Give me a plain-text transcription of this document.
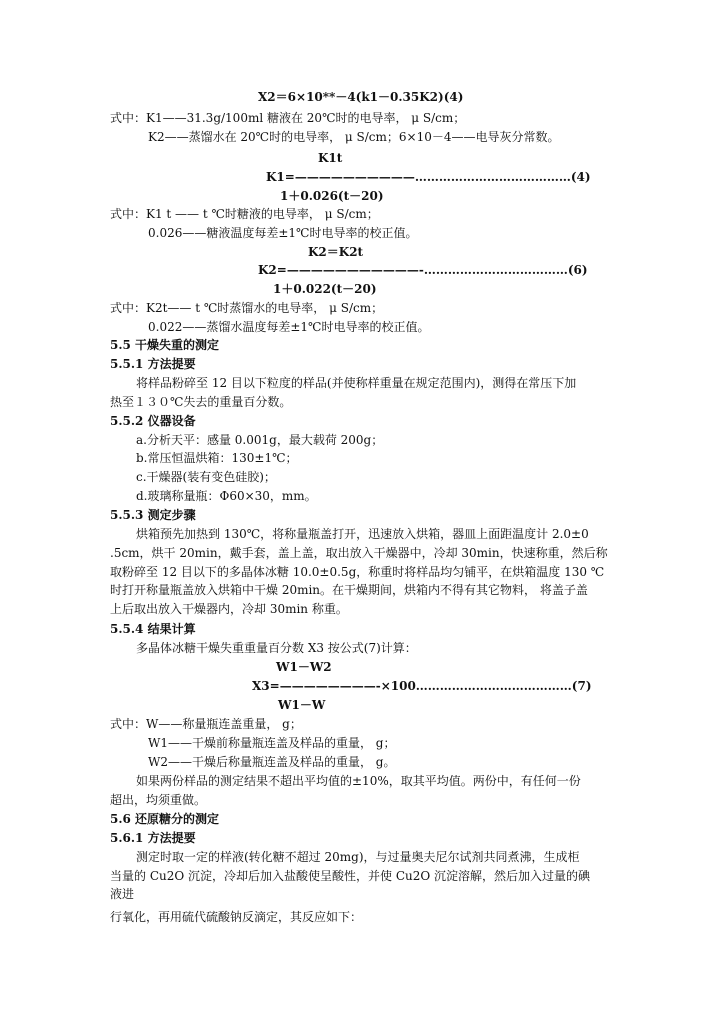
X2＝6×10**－4(k1－0.35K2)(4)
式中：K1——31.3g/100ml 糖液在 20℃时的电导率， μ S/cm；
K2——蒸馏水在 20℃时的电导率， μ S/cm；6×10－4——电导灰分常数。
K1t
K1=——————————…………………………………(4)
1＋0.026(t－20)
式中：K1 t —— t ℃时糖液的电导率， μ S/cm；
0.026——糖液温度每差±1℃时电导率的校正值。
K2＝K2t
K2=———————————-………………………………(6)
1＋0.022(t－20)
式中：K2t—— t ℃时蒸馏水的电导率， μ S/cm；
0.022——蒸馏水温度每差±1℃时电导率的校正值。
5.5 干燥失重的测定
5.5.1 方法提要
将样品粉碎至 12 目以下粒度的样品(并使称样重量在规定范围内)，测得在常压下加
热至１３０℃失去的重量百分数。
5.5.2 仪器设备
a.分析天平：感量 0.001g，最大载荷 200g；
b.常压恒温烘箱：130±1℃；
c.干燥器(装有变色硅胶)；
d.玻璃称量瓶：Φ60×30，mm。
5.5.3 测定步骤
烘箱预先加热到 130℃，将称量瓶盖打开，迅速放入烘箱，器皿上面距温度计 2.0±0
.5cm，烘干 20min，戴手套，盖上盖，取出放入干燥器中，冷却 30min，快速称重，然后称
取粉碎至 12 目以下的多晶体冰糖 10.0±0.5g，称重时将样品均匀铺平，在烘箱温度 130 ℃
时打开称量瓶盖放入烘箱中干燥 20min。在干燥期间，烘箱内不得有其它物料， 将盖子盖
上后取出放入干燥器内，冷却 30min 称重。
5.5.4 结果计算
多晶体冰糖干燥失重重量百分数 X3 按公式(7)计算：
W1－W2
X3=————————-×100…………………………………(7)
W1－W
式中：W——称量瓶连盖重量， g；
W1——干燥前称量瓶连盖及样品的重量， g；
W2——干燥后称量瓶连盖及样品的重量， g。
如果两份样品的测定结果不超出平均值的±10%，取其平均值。两份中，有任何一份
超出，均须重做。
5.6 还原糖分的测定
5.6.1 方法提要
测定时取一定的样液(转化糖不超过 20mg)，与过量奥夫尼尔试剂共同煮沸，生成柜
当量的 Cu2O 沉淀，冷却后加入盐酸使呈酸性，并使 Cu2O 沉淀溶解，然后加入过量的碘
液进
行氧化，再用硫代硫酸钠反滴定，其反应如下：
